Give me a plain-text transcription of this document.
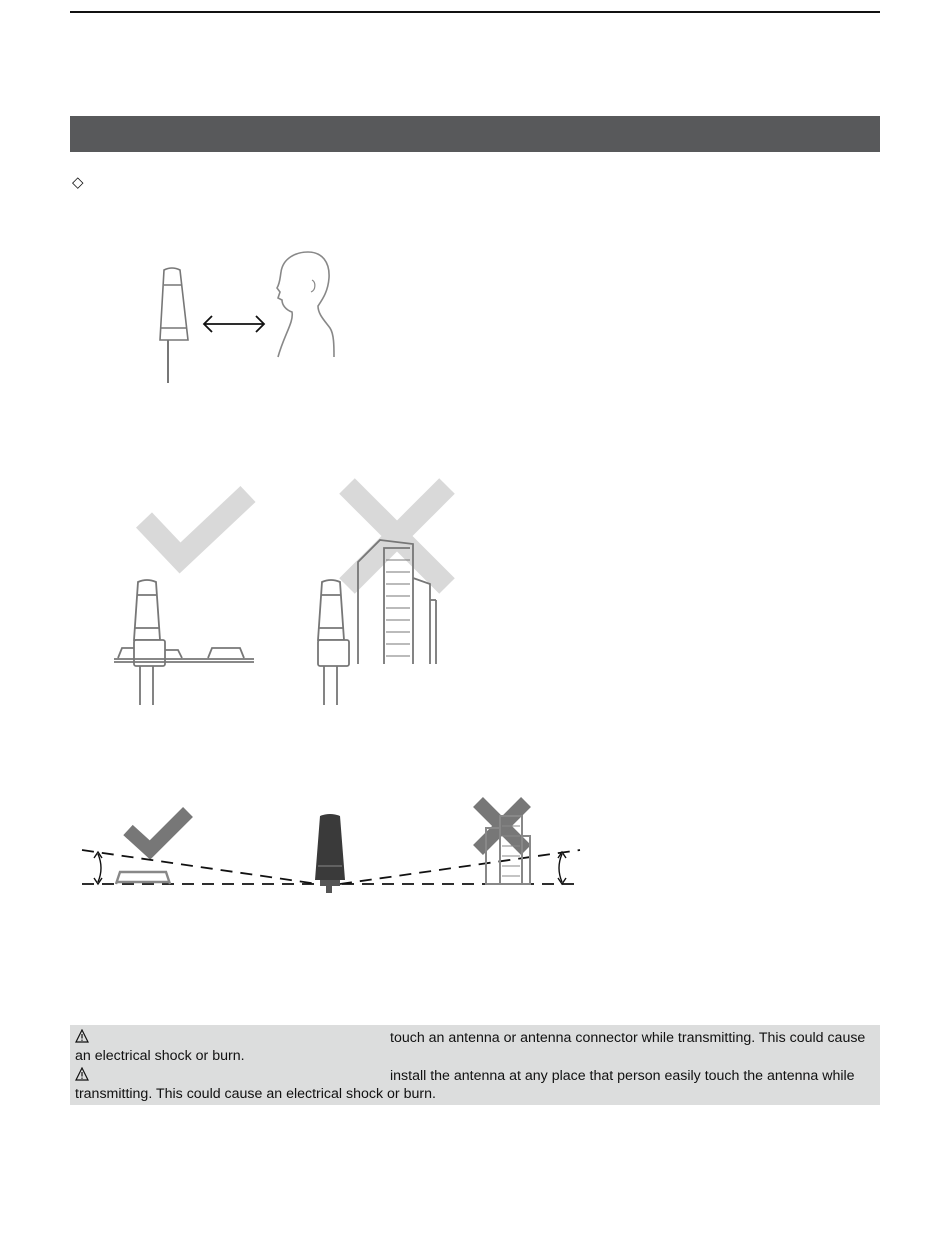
◇
touch an antenna or antenna connector while transmitting. This could cause
an electrical shock or burn.
install the antenna at any place that person easily touch the antenna while
transmitting. This could cause an electrical shock or burn.
